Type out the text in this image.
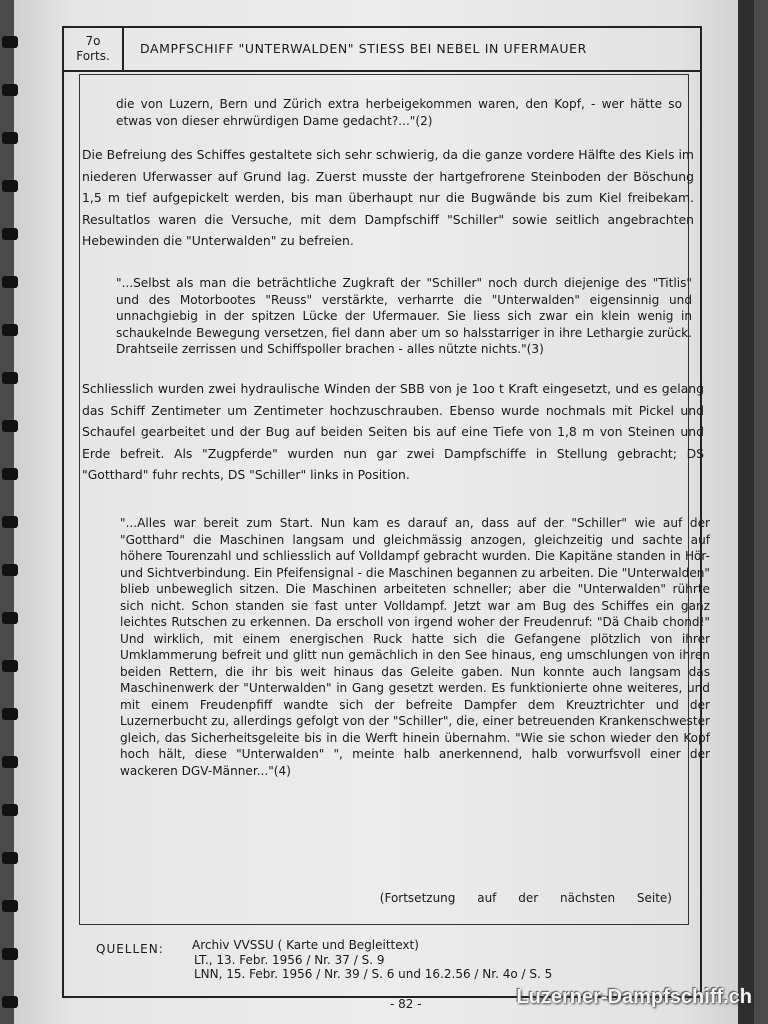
7o
Forts.	DAMPFSCHIFF "UNTERWALDEN" STIESS BEI NEBEL IN UFERMAUER
die von Luzern, Bern und Zürich extra herbeigekommen waren, den Kopf, - wer hätte so etwas von dieser ehrwürdigen Dame gedacht?..."(2)
Die Befreiung des Schiffes gestaltete sich sehr schwierig, da die ganze vordere Hälfte des Kiels im niederen Uferwasser auf Grund lag. Zuerst musste der hartgefrorene Steinboden der Böschung 1,5 m tief aufgepickelt werden, bis man überhaupt nur die Bugwände bis zum Kiel freibekam. Resultatlos waren die Versuche, mit dem Dampfschiff "Schiller" sowie seitlich angebrachten Hebewinden die "Unterwalden" zu befreien.
"...Selbst als man die beträchtliche Zugkraft der "Schiller" noch durch diejenige des "Titlis" und des Motorbootes "Reuss" verstärkte, verharrte die "Unterwalden" eigensinnig und unnachgiebig in der spitzen Lücke der Ufermauer. Sie liess sich zwar ein klein wenig in schaukelnde Bewegung versetzen, fiel dann aber um so halsstarriger in ihre Lethargie zurück. Drahtseile zerrissen und Schiffspoller brachen - alles nützte nichts."(3)
Schliesslich wurden zwei hydraulische Winden der SBB von je 1oo t Kraft eingesetzt, und es gelang das Schiff Zentimeter um Zentimeter hochzuschrauben. Ebenso wurde nochmals mit Pickel und Schaufel gearbeitet und der Bug auf beiden Seiten bis auf eine Tiefe von 1,8 m von Steinen und Erde befreit. Als "Zugpferde" wurden nun gar zwei Dampfschiffe in Stellung gebracht; DS "Gotthard" fuhr rechts, DS "Schiller" links in Position.
"...Alles war bereit zum Start. Nun kam es darauf an, dass auf der "Schiller" wie auf der "Gotthard" die Maschinen langsam und gleichmässig anzogen, gleichzeitig und sachte auf höhere Tourenzahl und schliesslich auf Volldampf gebracht wurden. Die Kapitäne standen in Hör- und Sichtverbindung. Ein Pfeifensignal - die Maschinen begannen zu arbeiten. Die "Unterwalden" blieb unbeweglich sitzen. Die Maschinen arbeiteten schneller; aber die "Unterwalden" rührte sich nicht. Schon standen sie fast unter Volldampf. Jetzt war am Bug des Schiffes ein ganz leichtes Rutschen zu erkennen. Da erscholl von irgend woher der Freudenruf: "Dä Chaib chond!" Und wirklich, mit einem energischen Ruck hatte sich die Gefangene plötzlich von ihrer Umklammerung befreit und glitt nun gemächlich in den See hinaus, eng umschlungen von ihren beiden Rettern, die ihr bis weit hinaus das Geleite gaben. Nun konnte auch langsam das Maschinenwerk der "Unterwalden" in Gang gesetzt werden. Es funktionierte ohne weiteres, und mit einem Freudenpfiff wandte sich der befreite Dampfer dem Kreuztrichter und der Luzernerbucht zu, allerdings gefolgt von der "Schiller", die, einer betreuenden Krankenschwester gleich, das Sicherheitsgeleite bis in die Werft hinein übernahm. "Wie sie schon wieder den Kopf hoch hält, diese "Unterwalden" ", meinte halb anerkennend, halb vorwurfsvoll einer der wackeren DGV-Männer..."(4)
(Fortsetzung auf der nächsten Seite)
QUELLEN: Archiv VVSSU ( Karte und Begleittext)
LT., 13. Febr. 1956 / Nr. 37 / S. 9
LNN, 15. Febr. 1956 / Nr. 39 / S. 6 und 16.2.56 / Nr. 4o / S. 5
- 82 -	Luzerner-Dampfschiff.ch
